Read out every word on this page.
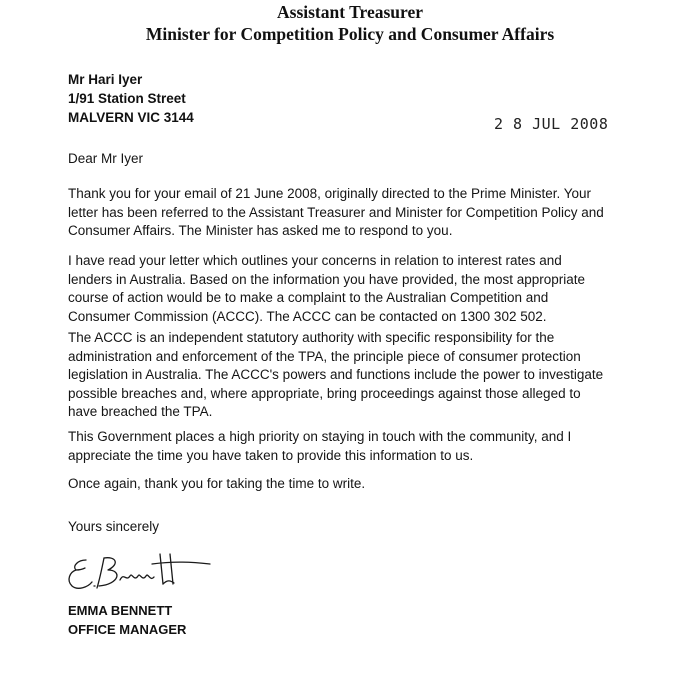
Assistant Treasurer
Minister for Competition Policy and Consumer Affairs
Mr Hari Iyer
1/91 Station Street
MALVERN VIC 3144	2 8 JUL 2008
Dear Mr Iyer
Thank you for your email of 21 June 2008, originally directed to the Prime Minister. Your
letter has been referred to the Assistant Treasurer and Minister for Competition Policy and
Consumer Affairs. The Minister has asked me to respond to you.
I have read your letter which outlines your concerns in relation to interest rates and
lenders in Australia. Based on the information you have provided, the most appropriate
course of action would be to make a complaint to the Australian Competition and
Consumer Commission (ACCC). The ACCC can be contacted on 1300 302 502.
The ACCC is an independent statutory authority with specific responsibility for the
administration and enforcement of the TPA, the principle piece of consumer protection
legislation in Australia. The ACCC's powers and functions include the power to investigate
possible breaches and, where appropriate, bring proceedings against those alleged to
have breached the TPA.
This Government places a high priority on staying in touch with the community, and I
appreciate the time you have taken to provide this information to us.
Once again, thank you for taking the time to write.
Yours sincerely
EMMA BENNETT
OFFICE MANAGER
